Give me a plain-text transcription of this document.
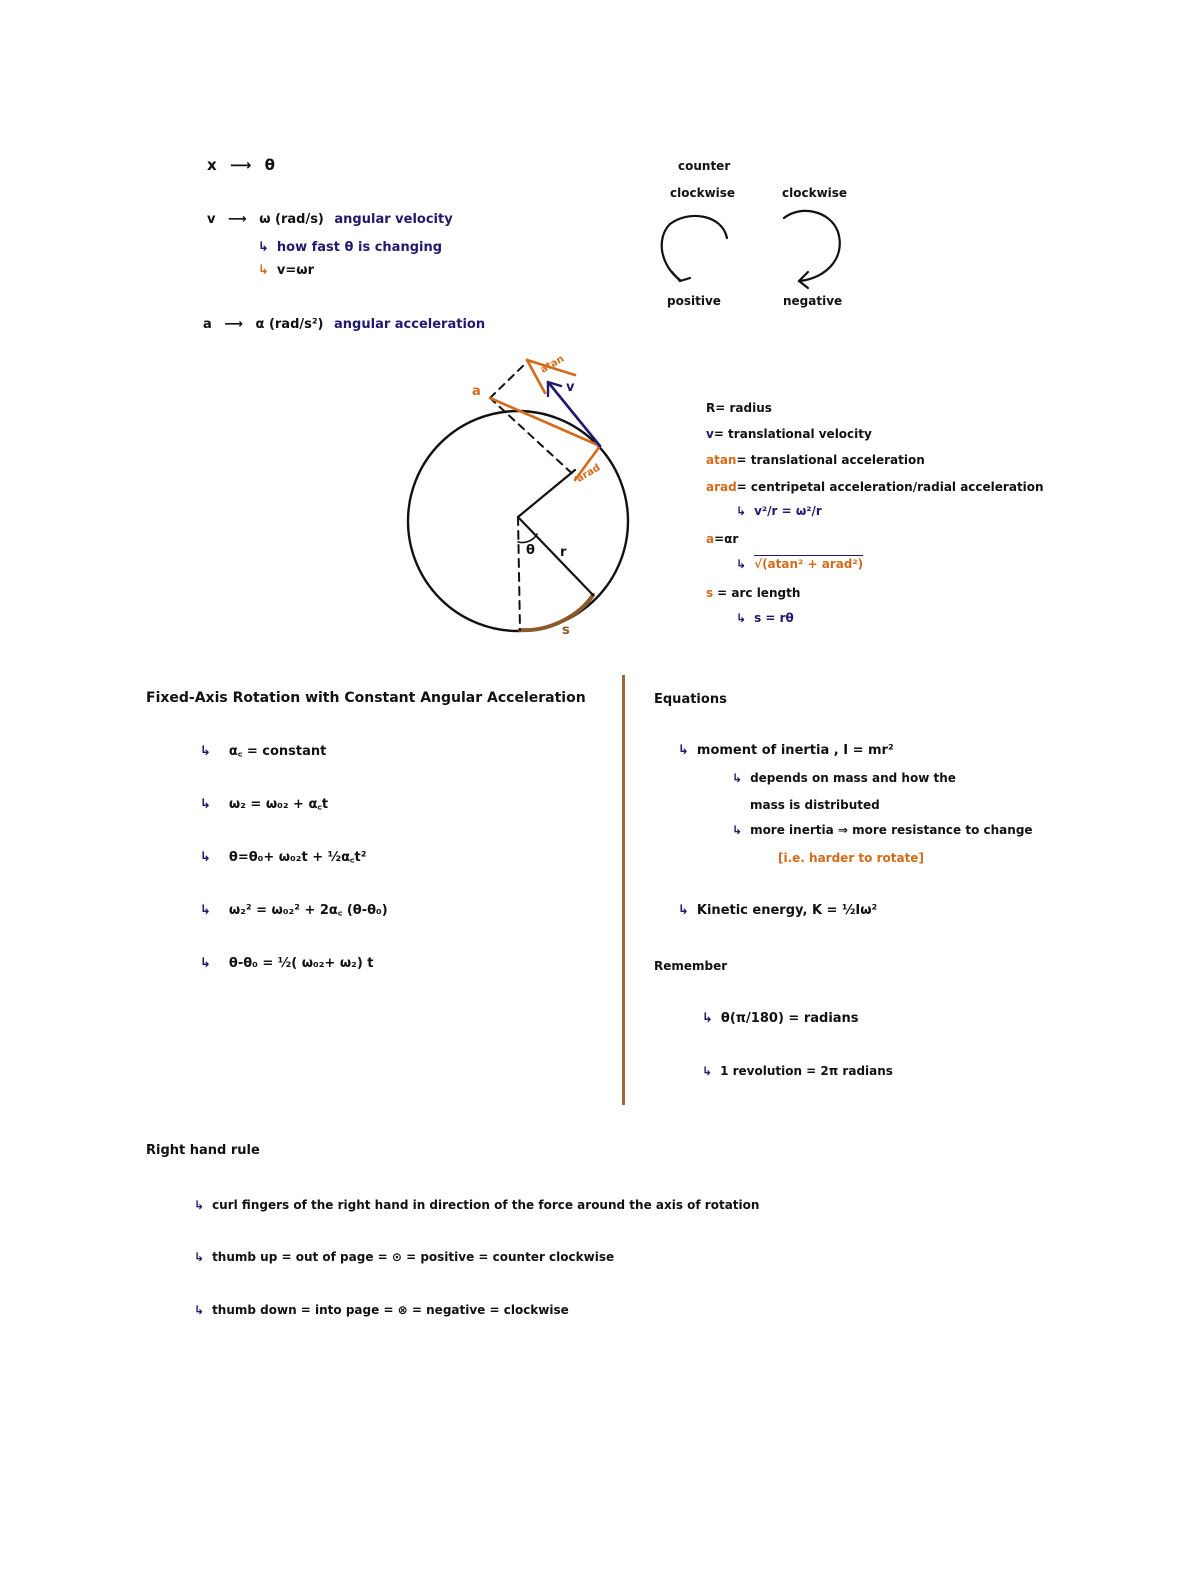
x ⟶ θ
v ⟶ ω (rad/s) angular velocity
↳ how fast θ is changing
↳ v=ωr
a ⟶ α (rad/s²) angular acceleration
counter
clockwise	clockwise
positive	negative
a
atan
v
arad
r
θ
s
R= radius
v= translational velocity
atan= translational acceleration
arad= centripetal acceleration/radial acceleration
↳ v²/r = ω²/r
a=αr
↳ √(atan² + arad²)
s = arc length
↳ s = rθ
Fixed-Axis Rotation with Constant Angular Acceleration
↳ α꜀ = constant
↳ ω₂ = ω₀₂ + α꜀t
↳ θ=θ₀+ ω₀₂t + ½α꜀t²
↳ ω₂² = ω₀₂² + 2α꜀ (θ-θ₀)
↳ θ-θ₀ = ½( ω₀₂+ ω₂) t
Equations
↳ moment of inertia , I = mr²
↳ depends on mass and how the
mass is distributed
↳ more inertia ⇒ more resistance to change
[i.e. harder to rotate]
↳ Kinetic energy, K = ½Iω²
Remember
↳ θ(π/180) = radians
↳ 1 revolution = 2π radians
Right hand rule
↳ curl fingers of the right hand in direction of the force around the axis of rotation
↳ thumb up = out of page = ⊙ = positive = counter clockwise
↳ thumb down = into page = ⊗ = negative = clockwise
